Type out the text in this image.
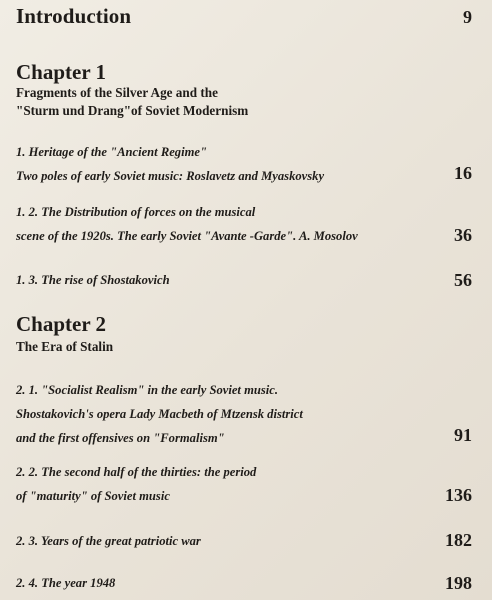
Introduction	9
Chapter 1
Fragments of the Silver Age and the
"Sturm und Drang"of Soviet Modernism
1. Heritage of the "Ancient Regime"
Two poles of early Soviet music: Roslavetz and Myaskovsky	16
1. 2. The Distribution of forces on the musical
scene of the 1920s. The early Soviet "Avante -Garde". A. Mosolov	36
1. 3. The rise of Shostakovich	56
Chapter 2
The Era of Stalin
2. 1. "Socialist Realism" in the early Soviet music.
Shostakovich's opera Lady Macbeth of Mtzensk district
and the first offensives on "Formalism"	91
2. 2. The second half of the thirties: the period
of "maturity" of Soviet music	136
2. 3. Years of the great patriotic war	182
2. 4. The year 1948	198
